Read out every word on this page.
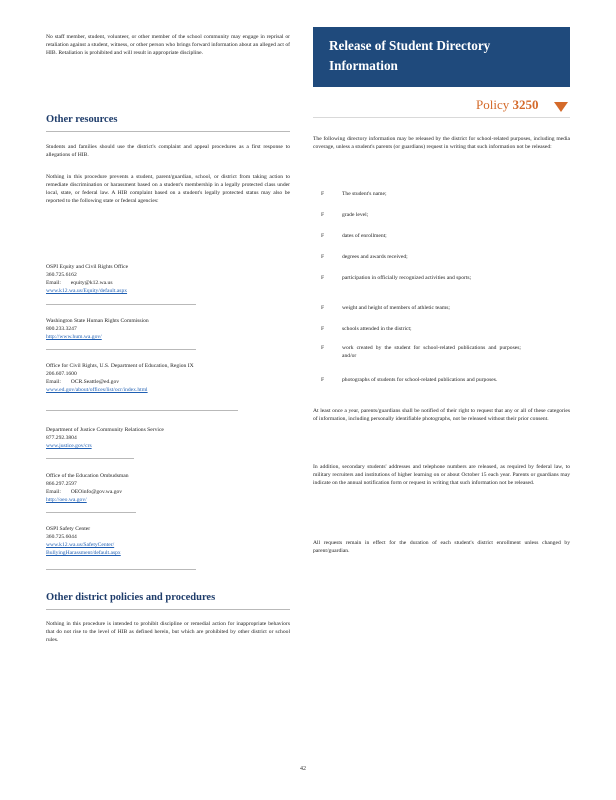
No staff member, student, volunteer, or other member of the school community may engage in reprisal or retaliation against a student, witness, or other person who brings forward information about an alleged act of HIB. Retaliation is prohibited and will result in appropriate discipline.

Other resources

Students and families should use the district's complaint and appeal procedures as a first response to allegations of HIB.

Nothing in this procedure prevents a student, parent/guardian, school, or district from taking action to remediate discrimination or harassment based on a student's membership in a legally protected class under local, state, or federal law. A HIB complaint based on a student's legally protected status may also be reported to the following state or federal agencies:

OSPI Equity and Civil Rights Office

360.725.6162

Email:       equity@k12.wa.us

www.k12.wa.us/Equity/default.aspx

Washington State Human Rights Commission

800.233.3247

http://www.hum.wa.gov/

Office for Civil Rights, U.S. Department of Education, Region IX

206.607.1600

Email:       OCR.Seattle@ed.gov

www.ed.gov/about/offices/list/ocr/index.html

Department of Justice Community Relations Service

877.292.3804

www.justice.gov/crs

Office of the Education Ombudsman

866.297.2597

Email:       OEOinfo@gov.wa.gov

http://oeo.wa.gov/

OSPI Safety Center

360.725.6044

www.k12.wa.us/SafetyCenter/ BullyingHarassment/default.aspx
Other district policies and procedures

Nothing in this procedure is intended to prohibit discipline or remedial action for inappropriate behaviors that do not rise to the level of HIB as defined herein, but which are prohibited by other district or school rules.

Release of Student Directory Information
Policy 3250

The following directory information may be released by the district for school-related purposes, including media coverage, unless a student's parents (or guardians) request in writing that such information not be released:

F	The student's name;

F	grade level;

F	dates of enrollment;

F	degrees and awards received;

F	participation in officially recognized activities and sports;

F	weight and height of members of athletic teams;

F	schools attended in the district;

F	work created by the student for school-related publications and purposes; and/or

F	photographs of students for school-related publications and purposes.

At least once a year, parents/guardians shall be notified of their right to request that any or all of these categories of information, including personally identifiable photographs, not be released without their prior consent.

In addition, secondary students' addresses and telephone numbers are released, as required by federal law, to military recruiters and institutions of higher learning on or about October 15 each year. Parents or guardians may indicate on the annual notification form or request in writing that such information not be released.

All requests remain in effect for the duration of each student's district enrollment unless changed by parent/guardian.

42
